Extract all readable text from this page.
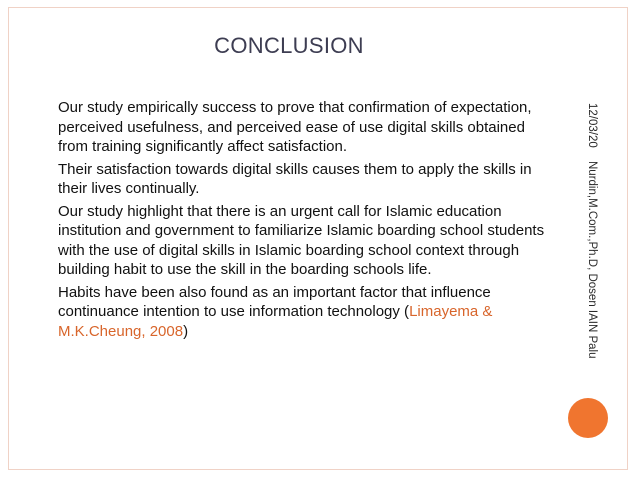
CONCLUSION
Our study empirically success to prove that confirmation of expectation, perceived usefulness, and perceived ease of use digital skills obtained from training significantly affect satisfaction.
Their satisfaction towards digital skills causes them to apply the skills in their lives continually.
Our study highlight that there is an urgent call for Islamic education institution and government to familiarize Islamic boarding school students with the use of digital skills in Islamic boarding school context through building habit to use the skill in the boarding schools life.
Habits have been also found as an important factor that influence continuance intention to use information technology (Limayema & M.K.Cheung, 2008)
12/03/20Nurdin,M.Com.,Ph.D, Dosen IAIN Palu
